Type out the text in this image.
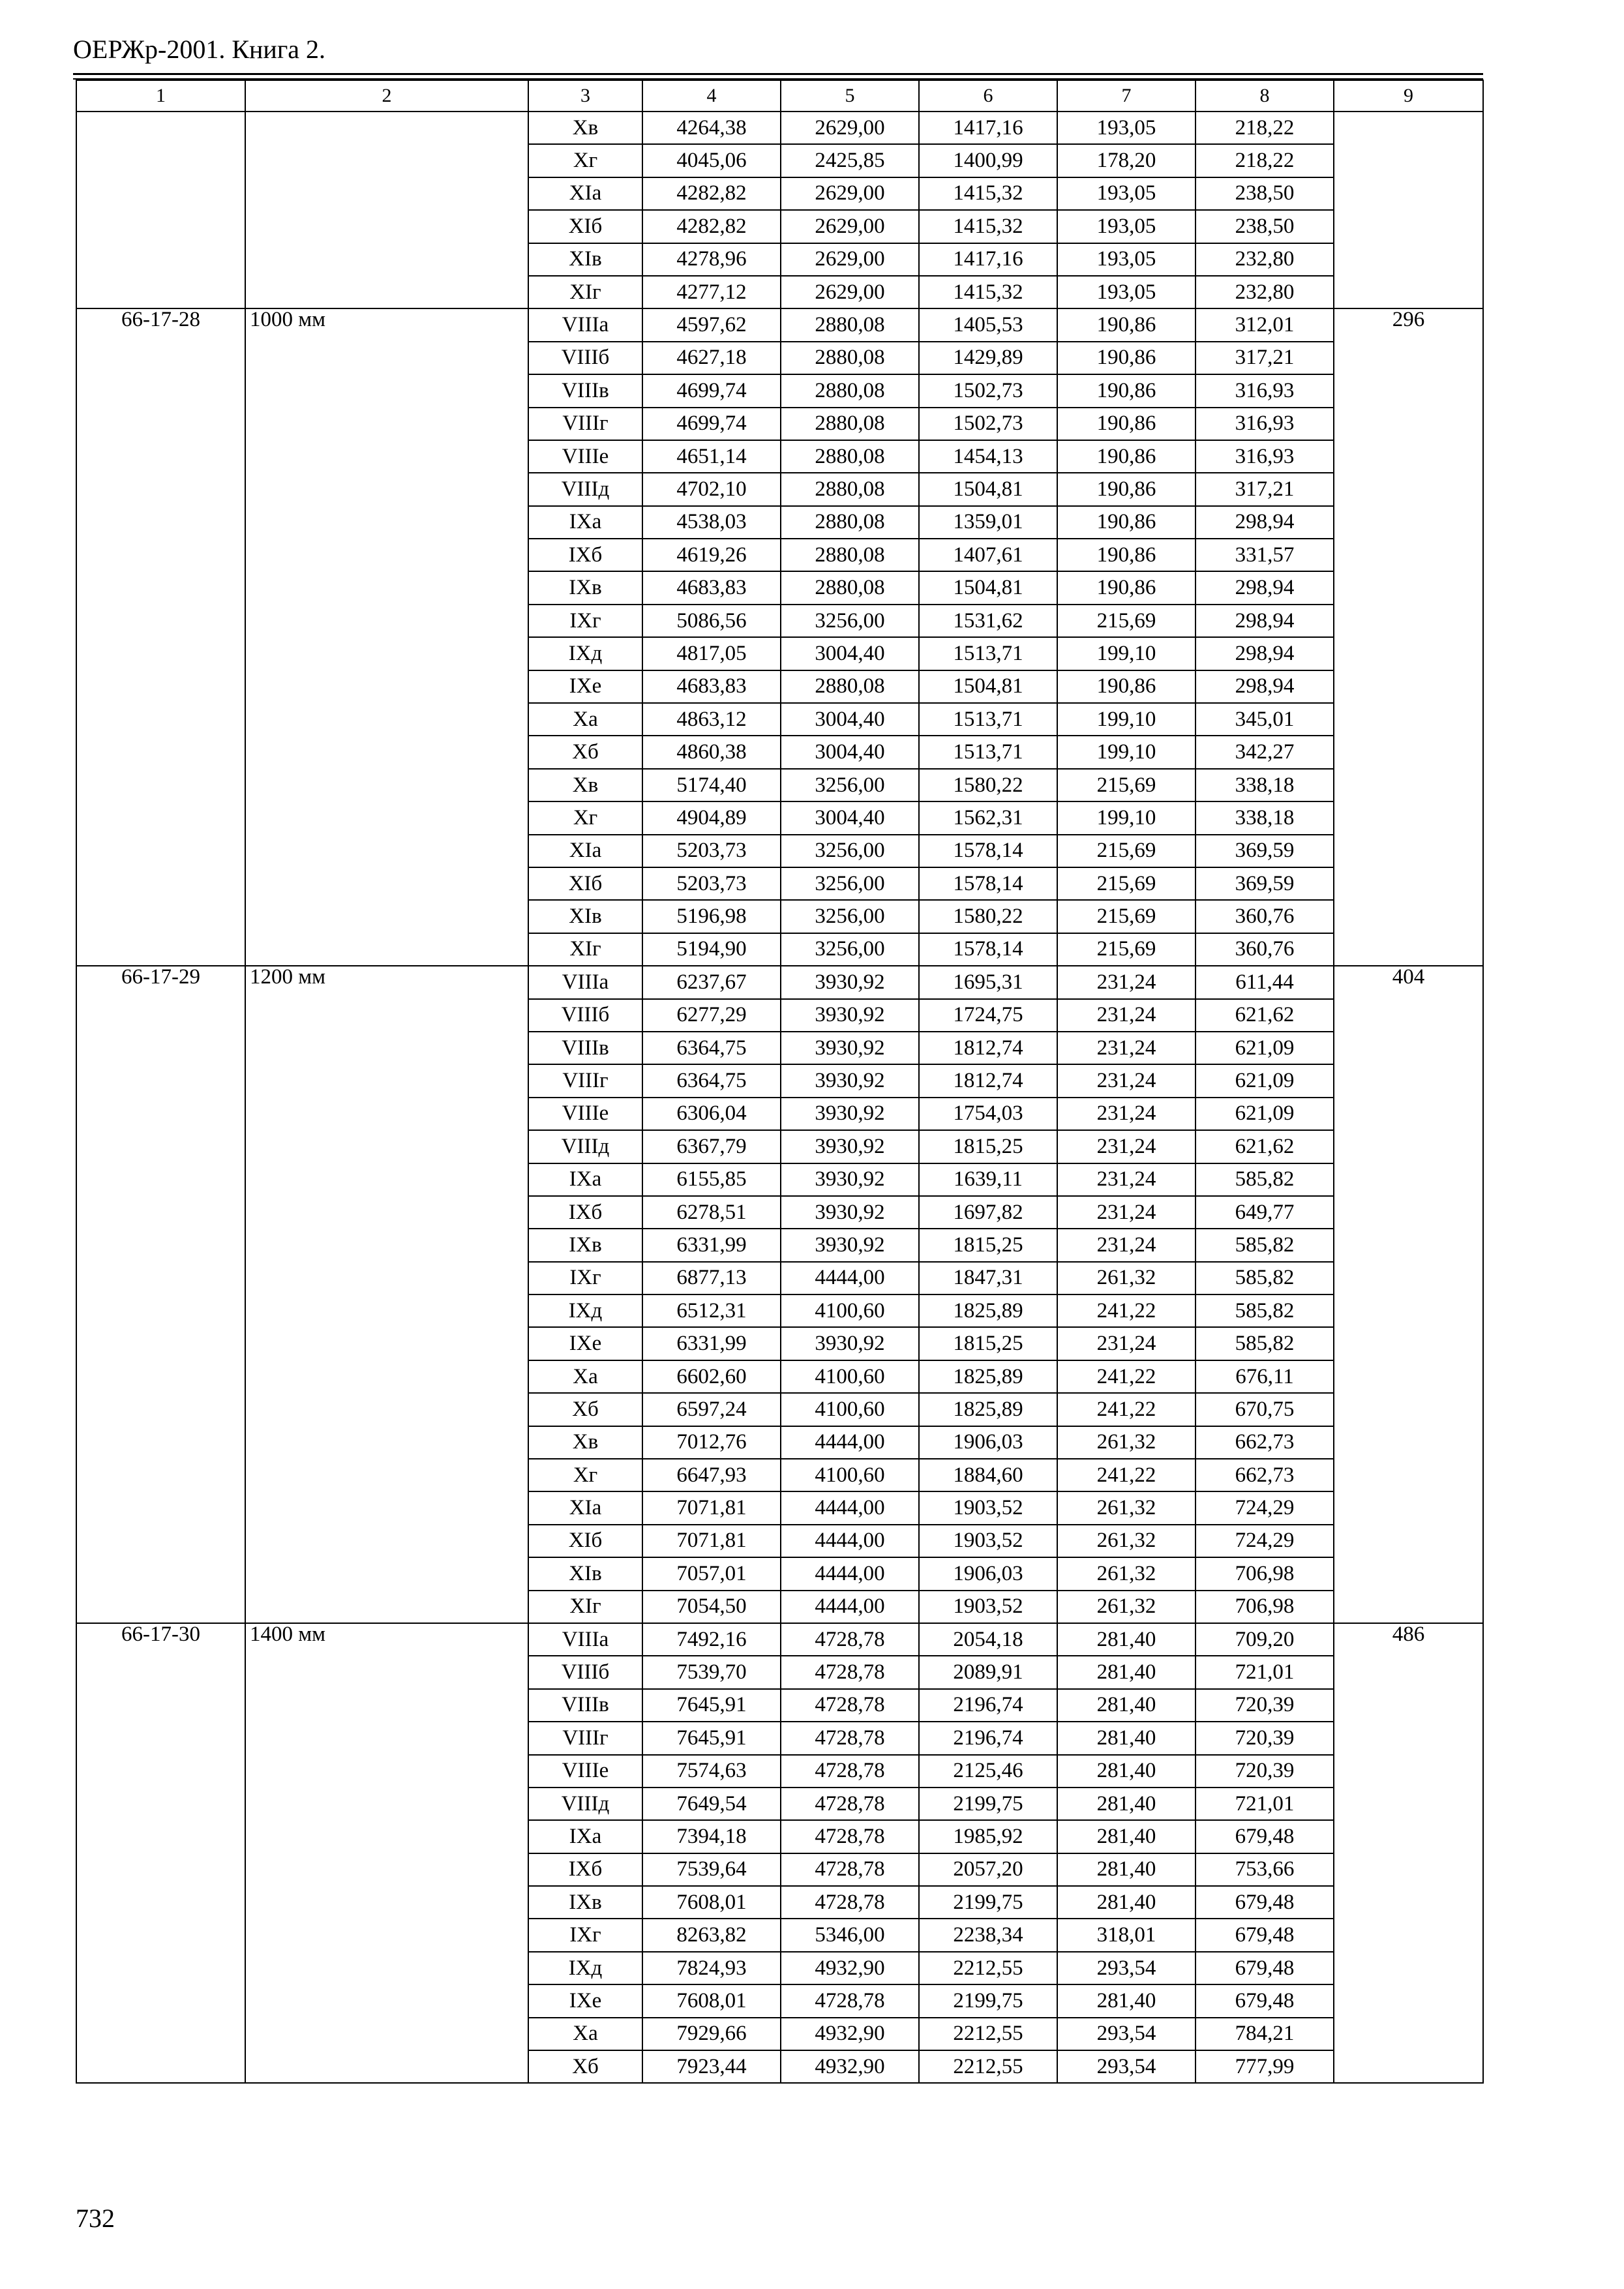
ОЕРЖр-2001. Книга 2.
1	2	3	4	5	6	7	8	9
		Xв	4264,38	2629,00	1417,16	193,05	218,22	
		Xг	4045,06	2425,85	1400,99	178,20	218,22	
		XIа	4282,82	2629,00	1415,32	193,05	238,50	
		XIб	4282,82	2629,00	1415,32	193,05	238,50	
		XIв	4278,96	2629,00	1417,16	193,05	232,80	
		XIг	4277,12	2629,00	1415,32	193,05	232,80	
66-17-28	1000 мм	VIIIа	4597,62	2880,08	1405,53	190,86	312,01	296
		VIIIб	4627,18	2880,08	1429,89	190,86	317,21	
		VIIIв	4699,74	2880,08	1502,73	190,86	316,93	
		VIIIг	4699,74	2880,08	1502,73	190,86	316,93	
		VIIIе	4651,14	2880,08	1454,13	190,86	316,93	
		VIIIд	4702,10	2880,08	1504,81	190,86	317,21	
		IXа	4538,03	2880,08	1359,01	190,86	298,94	
		IXб	4619,26	2880,08	1407,61	190,86	331,57	
		IXв	4683,83	2880,08	1504,81	190,86	298,94	
		IXг	5086,56	3256,00	1531,62	215,69	298,94	
		IXд	4817,05	3004,40	1513,71	199,10	298,94	
		IXе	4683,83	2880,08	1504,81	190,86	298,94	
		Xа	4863,12	3004,40	1513,71	199,10	345,01	
		Xб	4860,38	3004,40	1513,71	199,10	342,27	
		Xв	5174,40	3256,00	1580,22	215,69	338,18	
		Xг	4904,89	3004,40	1562,31	199,10	338,18	
		XIа	5203,73	3256,00	1578,14	215,69	369,59	
		XIб	5203,73	3256,00	1578,14	215,69	369,59	
		XIв	5196,98	3256,00	1580,22	215,69	360,76	
		XIг	5194,90	3256,00	1578,14	215,69	360,76	
66-17-29	1200 мм	VIIIа	6237,67	3930,92	1695,31	231,24	611,44	404
		VIIIб	6277,29	3930,92	1724,75	231,24	621,62	
		VIIIв	6364,75	3930,92	1812,74	231,24	621,09	
		VIIIг	6364,75	3930,92	1812,74	231,24	621,09	
		VIIIе	6306,04	3930,92	1754,03	231,24	621,09	
		VIIIд	6367,79	3930,92	1815,25	231,24	621,62	
		IXа	6155,85	3930,92	1639,11	231,24	585,82	
		IXб	6278,51	3930,92	1697,82	231,24	649,77	
		IXв	6331,99	3930,92	1815,25	231,24	585,82	
		IXг	6877,13	4444,00	1847,31	261,32	585,82	
		IXд	6512,31	4100,60	1825,89	241,22	585,82	
		IXе	6331,99	3930,92	1815,25	231,24	585,82	
		Xа	6602,60	4100,60	1825,89	241,22	676,11	
		Xб	6597,24	4100,60	1825,89	241,22	670,75	
		Xв	7012,76	4444,00	1906,03	261,32	662,73	
		Xг	6647,93	4100,60	1884,60	241,22	662,73	
		XIа	7071,81	4444,00	1903,52	261,32	724,29	
		XIб	7071,81	4444,00	1903,52	261,32	724,29	
		XIв	7057,01	4444,00	1906,03	261,32	706,98	
		XIг	7054,50	4444,00	1903,52	261,32	706,98	
66-17-30	1400 мм	VIIIа	7492,16	4728,78	2054,18	281,40	709,20	486
		VIIIб	7539,70	4728,78	2089,91	281,40	721,01	
		VIIIв	7645,91	4728,78	2196,74	281,40	720,39	
		VIIIг	7645,91	4728,78	2196,74	281,40	720,39	
		VIIIе	7574,63	4728,78	2125,46	281,40	720,39	
		VIIIд	7649,54	4728,78	2199,75	281,40	721,01	
		IXа	7394,18	4728,78	1985,92	281,40	679,48	
		IXб	7539,64	4728,78	2057,20	281,40	753,66	
		IXв	7608,01	4728,78	2199,75	281,40	679,48	
		IXг	8263,82	5346,00	2238,34	318,01	679,48	
		IXд	7824,93	4932,90	2212,55	293,54	679,48	
		IXе	7608,01	4728,78	2199,75	281,40	679,48	
		Xа	7929,66	4932,90	2212,55	293,54	784,21	
		Xб	7923,44	4932,90	2212,55	293,54	777,99	
732
